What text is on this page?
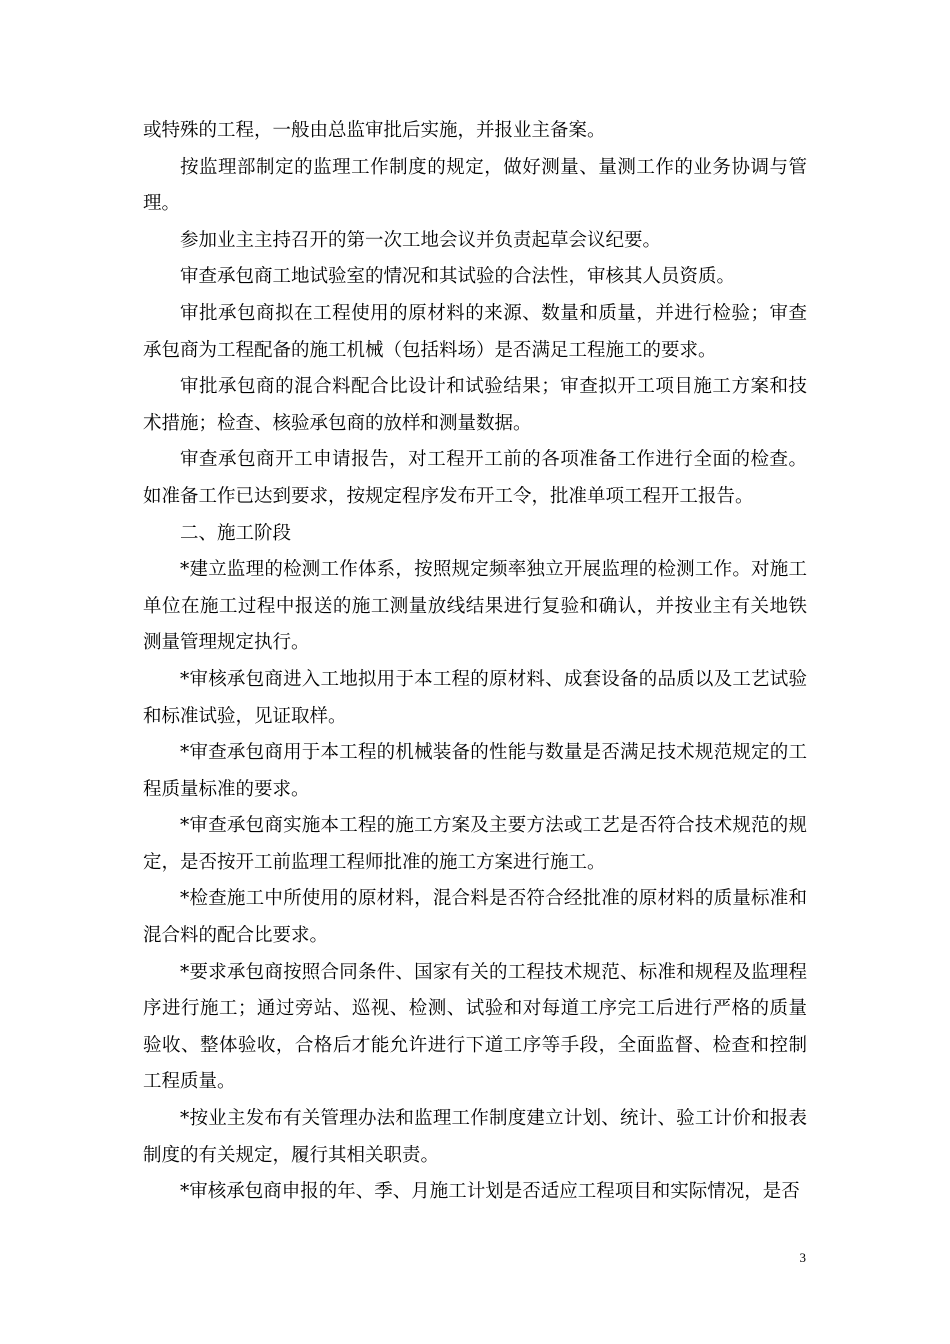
或特殊的工程，一般由总监审批后实施，并报业主备案。

按监理部制定的监理工作制度的规定，做好测量、量测工作的业务协调与管理。

参加业主主持召开的第一次工地会议并负责起草会议纪要。

审查承包商工地试验室的情况和其试验的合法性，审核其人员资质。

审批承包商拟在工程使用的原材料的来源、数量和质量，并进行检验；审查承包商为工程配备的施工机械（包括料场）是否满足工程施工的要求。

审批承包商的混合料配合比设计和试验结果；审查拟开工项目施工方案和技术措施；检查、核验承包商的放样和测量数据。

审查承包商开工申请报告，对工程开工前的各项准备工作进行全面的检查。如准备工作已达到要求，按规定程序发布开工令，批准单项工程开工报告。

二、施工阶段

*建立监理的检测工作体系，按照规定频率独立开展监理的检测工作。对施工单位在施工过程中报送的施工测量放线结果进行复验和确认，并按业主有关地铁测量管理规定执行。

*审核承包商进入工地拟用于本工程的原材料、成套设备的品质以及工艺试验和标准试验，见证取样。

*审查承包商用于本工程的机械装备的性能与数量是否满足技术规范规定的工程质量标准的要求。

*审查承包商实施本工程的施工方案及主要方法或工艺是否符合技术规范的规定，是否按开工前监理工程师批准的施工方案进行施工。

*检查施工中所使用的原材料，混合料是否符合经批准的原材料的质量标准和混合料的配合比要求。

*要求承包商按照合同条件、国家有关的工程技术规范、标准和规程及监理程序进行施工；通过旁站、巡视、检测、试验和对每道工序完工后进行严格的质量验收、整体验收，合格后才能允许进行下道工序等手段，全面监督、检查和控制工程质量。

*按业主发布有关管理办法和监理工作制度建立计划、统计、验工计价和报表制度的有关规定，履行其相关职责。

*审核承包商申报的年、季、月施工计划是否适应工程项目和实际情况，是否

3
